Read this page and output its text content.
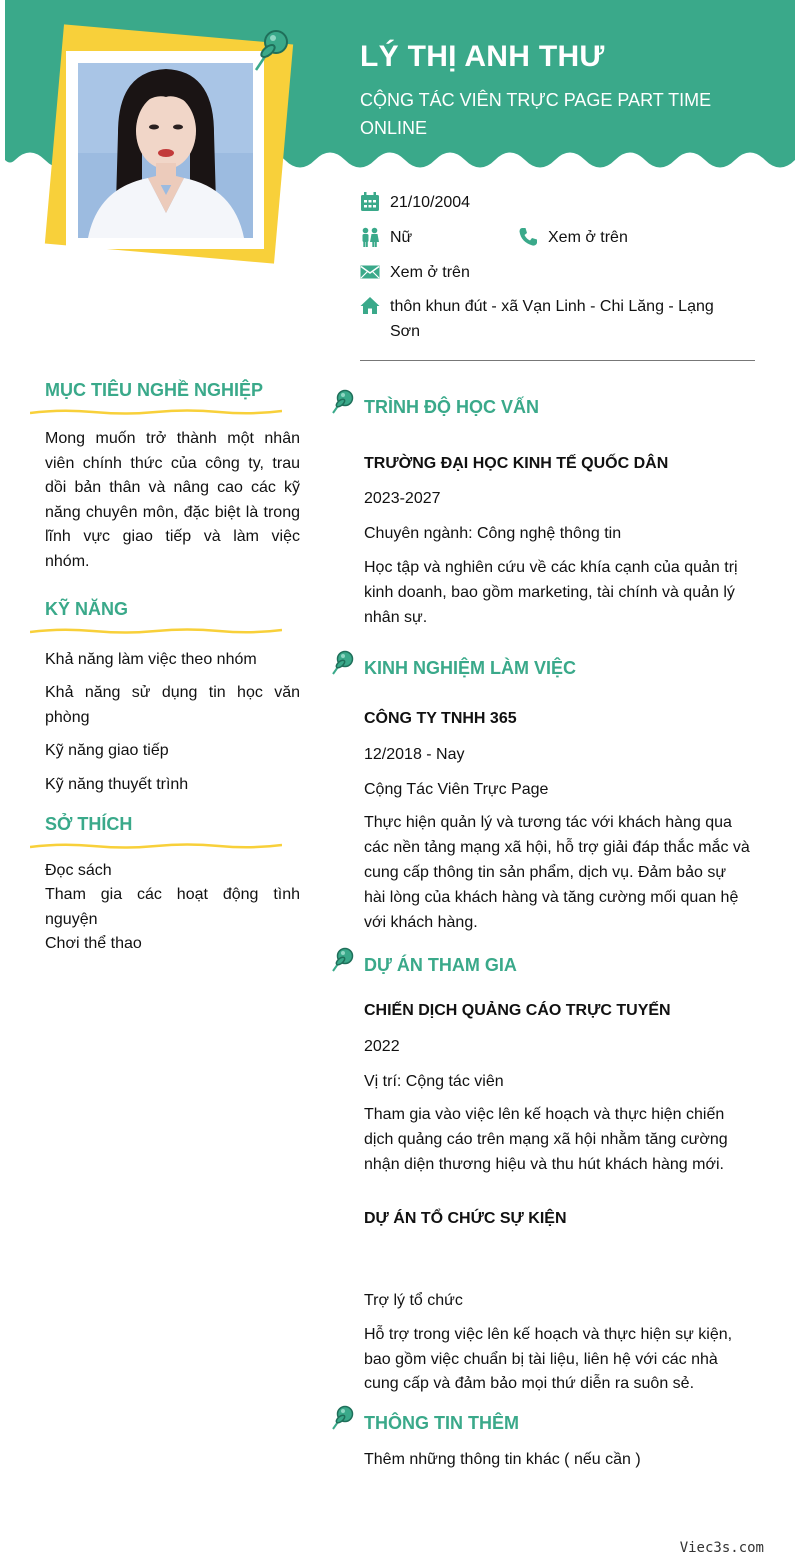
LÝ THỊ ANH THƯ
CỘNG TÁC VIÊN TRỰC PAGE PART TIME ONLINE
21/10/2004
Nữ	Xem ở trên
Xem ở trên
thôn khun đút - xã Vạn Linh - Chi Lăng - Lạng Sơn
MỤC TIÊU NGHỀ NGHIỆP
Mong muốn trở thành một nhân viên chính thức của công ty, trau dồi bản thân và nâng cao các kỹ năng chuyên môn, đặc biệt là trong lĩnh vực giao tiếp và làm việc nhóm.
KỸ NĂNG
Khả năng làm việc theo nhóm
Khả năng sử dụng tin học văn phòng
Kỹ năng giao tiếp
Kỹ năng thuyết trình
SỞ THÍCH
Đọc sách
Tham gia các hoạt động tình nguyện
Chơi thể thao
TRÌNH ĐỘ HỌC VẤN
TRƯỜNG ĐẠI HỌC KINH TẾ QUỐC DÂN
2023-2027
Chuyên ngành: Công nghệ thông tin
Học tập và nghiên cứu về các khía cạnh của quản trị kinh doanh, bao gồm marketing, tài chính và quản lý nhân sự.
KINH NGHIỆM LÀM VIỆC
CÔNG TY TNHH 365
12/2018 - Nay
Cộng Tác Viên Trực Page
Thực hiện quản lý và tương tác với khách hàng qua các nền tảng mạng xã hội, hỗ trợ giải đáp thắc mắc và cung cấp thông tin sản phẩm, dịch vụ. Đảm bảo sự hài lòng của khách hàng và tăng cường mối quan hệ với khách hàng.
DỰ ÁN THAM GIA
CHIẾN DỊCH QUẢNG CÁO TRỰC TUYẾN
2022
Vị trí: Cộng tác viên
Tham gia vào việc lên kế hoạch và thực hiện chiến dịch quảng cáo trên mạng xã hội nhằm tăng cường nhận diện thương hiệu và thu hút khách hàng mới.
DỰ ÁN TỔ CHỨC SỰ KIỆN
Trợ lý tổ chức
Hỗ trợ trong việc lên kế hoạch và thực hiện sự kiện, bao gồm việc chuẩn bị tài liệu, liên hệ với các nhà cung cấp và đảm bảo mọi thứ diễn ra suôn sẻ.
THÔNG TIN THÊM
Thêm những thông tin khác ( nếu cần )
Viec3s.com
